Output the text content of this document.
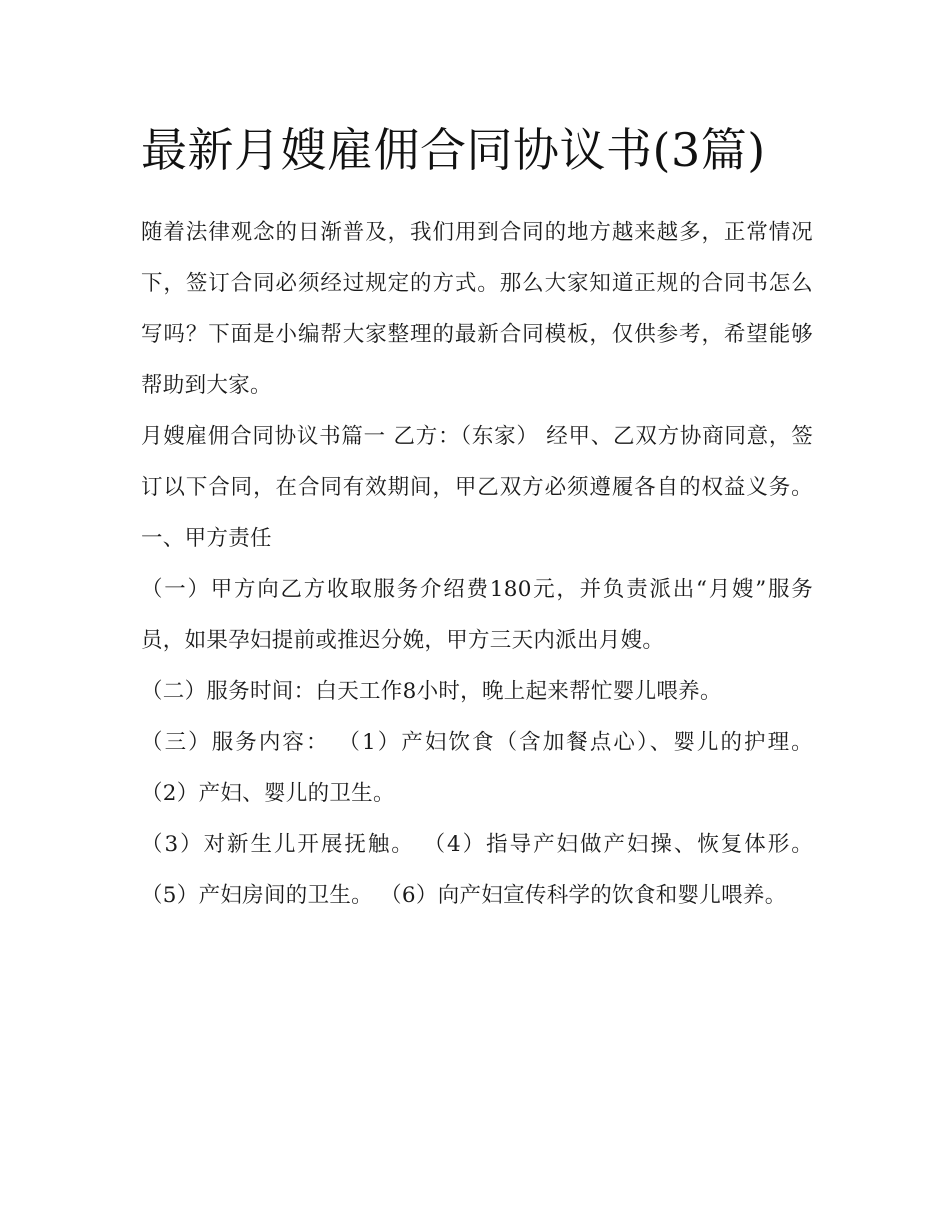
最新月嫂雇佣合同协议书(3篇)

随着法律观念的日渐普及，我们用到合同的地方越来越多，正常情况下，签订合同必须经过规定的方式。那么大家知道正规的合同书怎么写吗？下面是小编帮大家整理的最新合同模板，仅供参考，希望能够帮助到大家。

月嫂雇佣合同协议书篇一 乙方：（东家） 经甲、乙双方协商同意，签订以下合同，在合同有效期间，甲乙双方必须遵履各自的权益义务。 一、甲方责任

（一）甲方向乙方收取服务介绍费180元，并负责派出“月嫂”服务员，如果孕妇提前或推迟分娩，甲方三天内派出月嫂。

（二）服务时间：白天工作8小时，晚上起来帮忙婴儿喂养。

（三）服务内容： （1）产妇饮食（含加餐点心）、婴儿的护理。 （2）产妇、婴儿的卫生。

（3）对新生儿开展抚触。 （4）指导产妇做产妇操、恢复体形。 （5）产妇房间的卫生。 （6）向产妇宣传科学的饮食和婴儿喂养。
